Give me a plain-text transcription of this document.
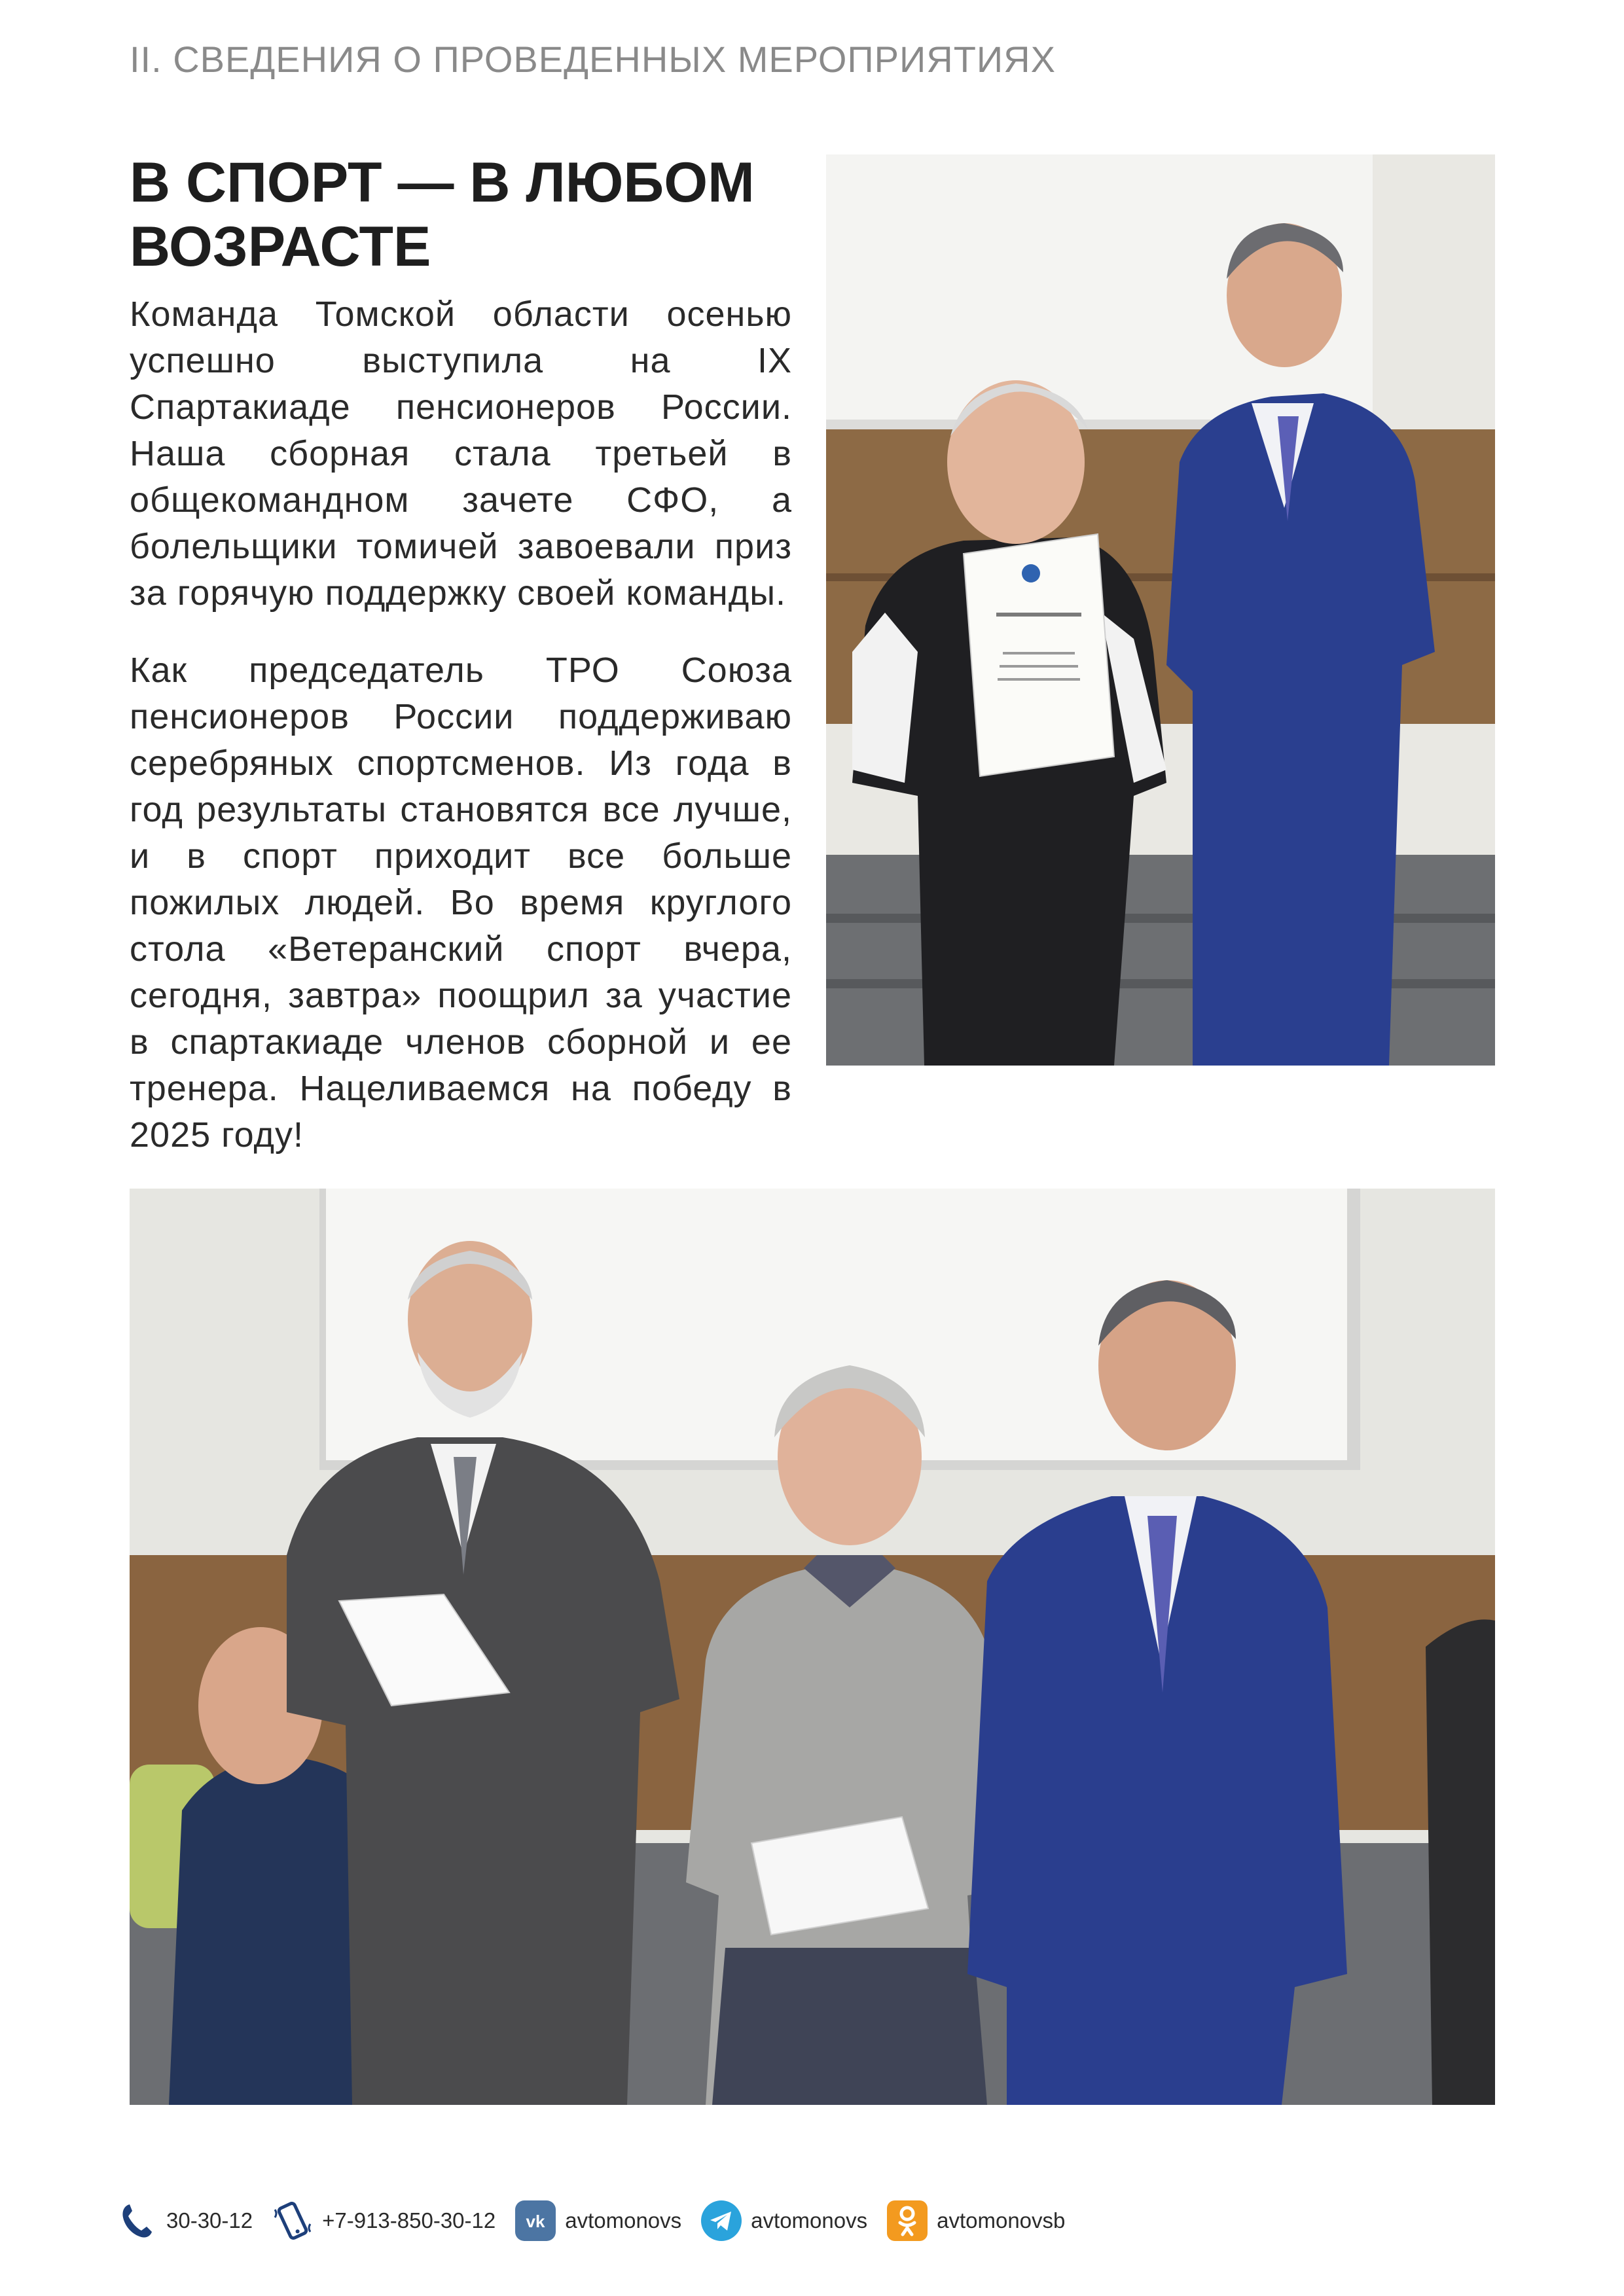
II. СВЕДЕНИЯ О ПРОВЕДЕННЫХ МЕРОПРИЯТИЯХ
В СПОРТ — В ЛЮБОМ ВОЗРАСТЕ

Команда Томской области осенью успешно выступила на IX Спартакиаде пенсионеров России. Наша сборная стала третьей в общекомандном зачете СФО, а болельщики томичей завоевали приз за горячую поддержку своей команды.

Как председатель ТРО Союза пенсионеров России поддерживаю серебряных спортсменов. Из года в год результаты становятся все лучше, и в спорт приходит все больше пожилых людей. Во время круглого стола «Ветеранский спорт вчера, сегодня, завтра» поощрил за участие в спартакиаде членов сборной и ее тренера. Нацеливаемся на победу в 2025 году!

30-30-12	+7-913-850-30-12 vk avtomonovs	avtomonovs	avtomonovsb
